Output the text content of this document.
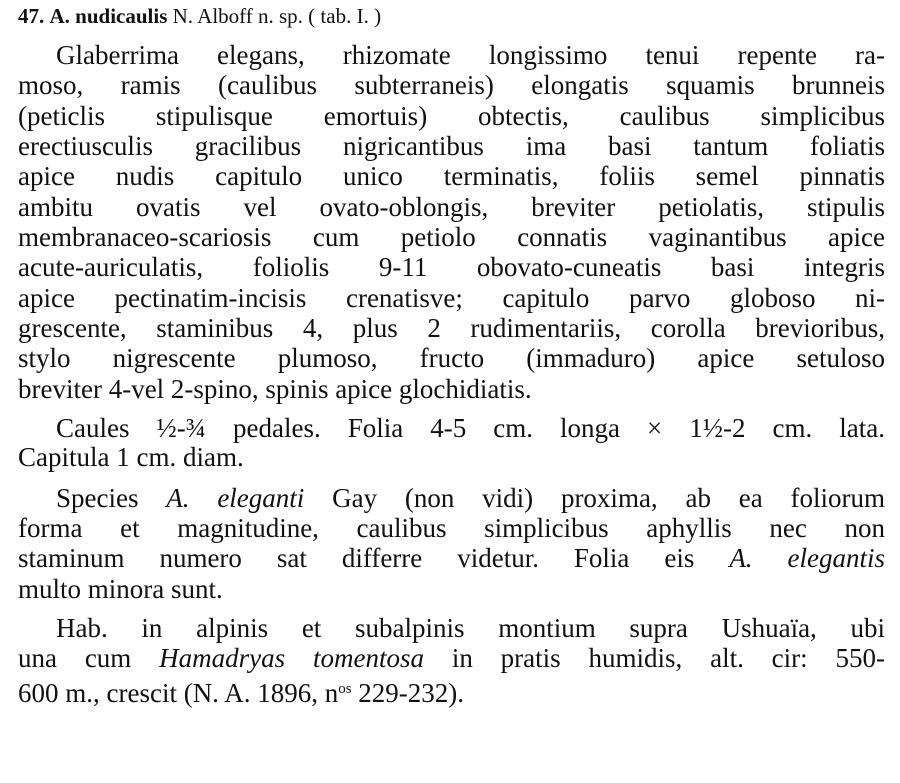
47. A. nudicaulis N. Alboff n. sp. ( tab. I. )
Glaberrima elegans, rhizomate longissimo tenui repente ra-
moso, ramis (caulibus subterraneis) elongatis squamis brunneis
(peticlis stipulisque emortuis) obtectis, caulibus simplicibus
erectiusculis gracilibus nigricantibus ima basi tantum foliatis
apice nudis capitulo unico terminatis, foliis semel pinnatis
ambitu ovatis vel ovato-oblongis, breviter petiolatis, stipulis
membranaceo-scariosis cum petiolo connatis vaginantibus apice
acute-auriculatis, foliolis 9-11 obovato-cuneatis basi integris
apice pectinatim-incisis crenatisve; capitulo parvo globoso ni-
grescente, staminibus 4, plus 2 rudimentariis, corolla brevioribus,
stylo nigrescente plumoso, fructo (immaduro) apice setuloso
breviter 4-vel 2-spino, spinis apice glochidiatis.
Caules ½-¾ pedales. Folia 4-5 cm. longa × 1½-2 cm. lata.
Capitula 1 cm. diam.
Species A. eleganti Gay (non vidi) proxima, ab ea foliorum
forma et magnitudine, caulibus simplicibus aphyllis nec non
staminum numero sat differre videtur. Folia eis A. elegantis
multo minora sunt.
Hab. in alpinis et subalpinis montium supra Ushuaïa, ubi
una cum Hamadryas tomentosa in pratis humidis, alt. cir: 550-
600 m., crescit (N. A. 1896, $n^{os}$ 229-232).
